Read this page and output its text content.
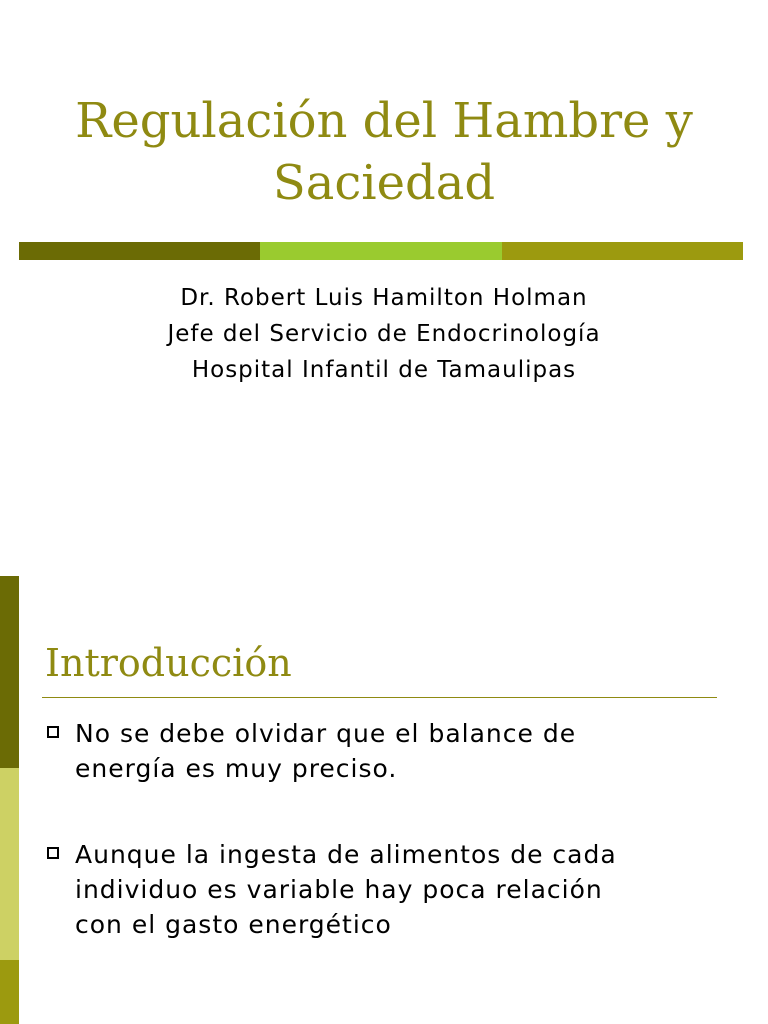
Regulación del Hambre y
Saciedad
Dr. Robert Luis Hamilton Holman
Jefe del Servicio de Endocrinología
Hospital Infantil de Tamaulipas
Introducción
No se debe olvidar que el balance de
energía es muy preciso.
Aunque la ingesta de alimentos de cada
individuo es variable hay poca relación
con el gasto energético
